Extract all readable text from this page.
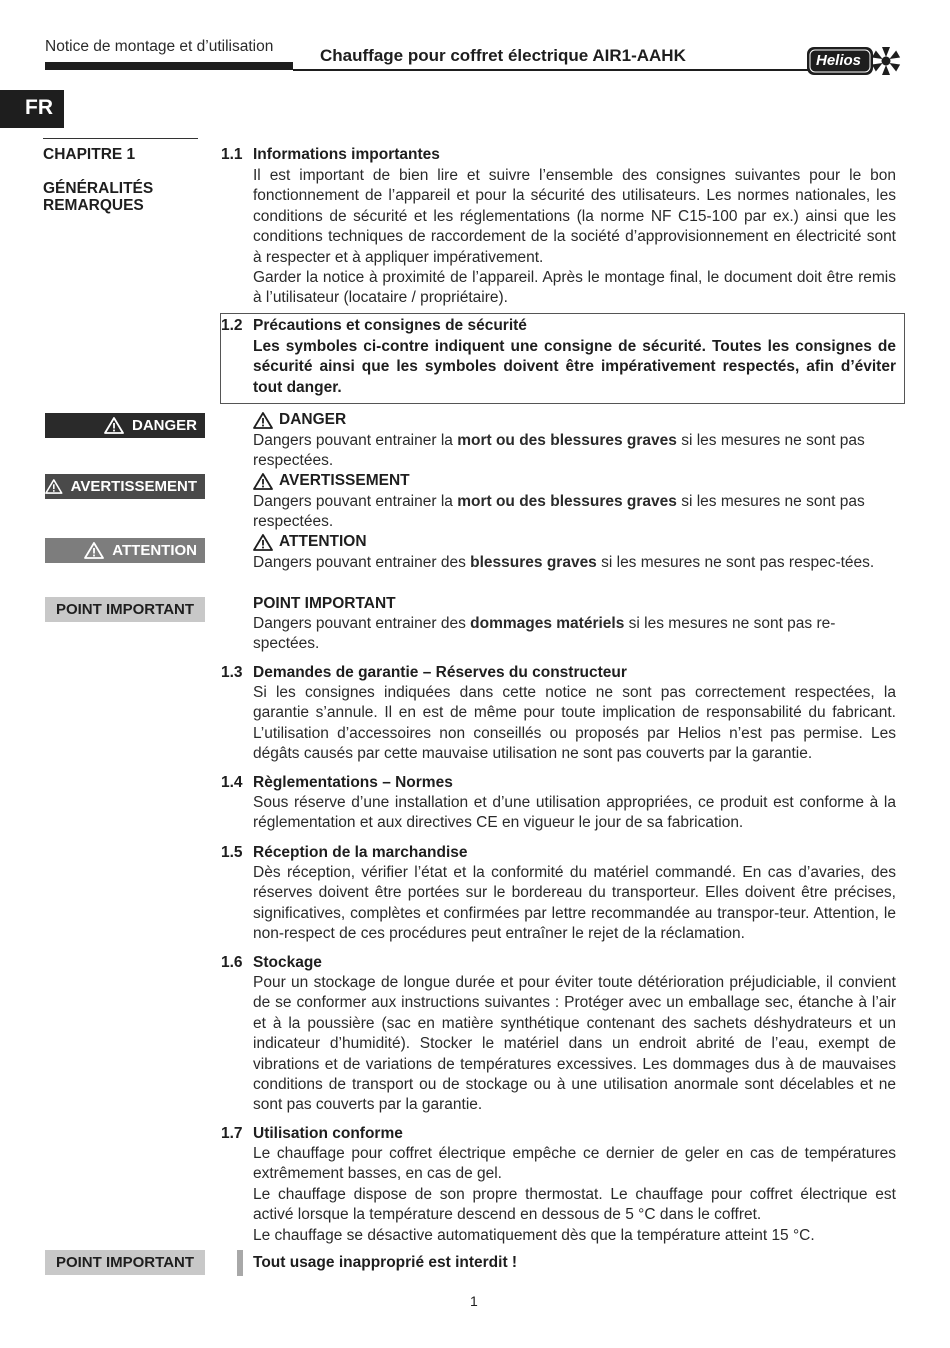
Notice de montage et d’utilisation	Chauffage pour coffret électrique AIR1-AAHK	Helios
FR
CHAPITRE 1
GÉNÉRALITÉS
REMARQUES
DANGER
AVERTISSEMENT
ATTENTION
POINT IMPORTANT
POINT IMPORTANT
1.1 Informations importantes

Il est important de bien lire et suivre l’ensemble des consignes suivantes pour le bon fonctionnement de l’appareil et pour la sécurité des utilisateurs. Les normes nationales, les conditions de sécurité et les réglementations (la norme NF C15-100 par ex.) ainsi que les conditions techniques de raccordement de la société d’approvisionnement en électricité sont à respecter et à appliquer impérativement.

Garder la notice à proximité de l’appareil. Après le montage final, le document doit être remis à l’utilisateur (locataire / propriétaire).

1.2 Précautions et consignes de sécurité
Les symboles ci-contre indiquent une consigne de sécurité. Toutes les consignes de sécurité ainsi que les symboles doivent être impérativement respectés, afin d’éviter tout danger.
DANGER

Dangers pouvant entrainer la mort ou des blessures graves si les mesures ne sont pas respectées.

AVERTISSEMENT

Dangers pouvant entrainer la mort ou des blessures graves si les mesures ne sont pas respectées.

ATTENTION

Dangers pouvant entrainer des blessures graves si les mesures ne sont pas respec-tées.

POINT IMPORTANT

Dangers pouvant entrainer des dommages matériels si les mesures ne sont pas re-spectées.

1.3 Demandes de garantie – Réserves du constructeur

Si les consignes indiquées dans cette notice ne sont pas correctement respectées, la garantie s’annule. Il en est de même pour toute implication de responsabilité du fabricant. L’utilisation d’accessoires non conseillés ou proposés par Helios n’est pas permise. Les dégâts causés par cette mauvaise utilisation ne sont pas couverts par la garantie.

1.4 Règlementations – Normes

Sous réserve d’une installation et d’une utilisation appropriées, ce produit est conforme à la réglementation et aux directives CE en vigueur le jour de sa fabrication.

1.5 Réception de la marchandise

Dès réception, vérifier l’état et la conformité du matériel commandé. En cas d’avaries, des réserves doivent être portées sur le bordereau du transporteur. Elles doivent être précises, significatives, complètes et confirmées par lettre recommandée au transpor-teur. Attention, le non-respect de ces procédures peut entraîner le rejet de la réclamation.

1.6 Stockage

Pour un stockage de longue durée et pour éviter toute détérioration préjudiciable, il convient de se conformer aux instructions suivantes : Protéger avec un emballage sec, étanche à l’air et à la poussière (sac en matière synthétique contenant des sachets déshydrateurs et un indicateur d’humidité). Stocker le matériel dans un endroit abrité de l’eau, exempt de vibrations et de variations de températures excessives. Les dommages dus à de mauvaises conditions de transport ou de stockage ou à une utilisation anormale sont décelables et ne sont pas couverts par la garantie.

1.7 Utilisation conforme

Le chauffage pour coffret électrique empêche ce dernier de geler en cas de températures extrêmement basses, en cas de gel.

Le chauffage dispose de son propre thermostat. Le chauffage pour coffret électrique est activé lorsque la température descend en dessous de 5 °C dans le coffret.

Le chauffage se désactive automatiquement dès que la température atteint 15 °C.

Tout usage inapproprié est interdit !
1
